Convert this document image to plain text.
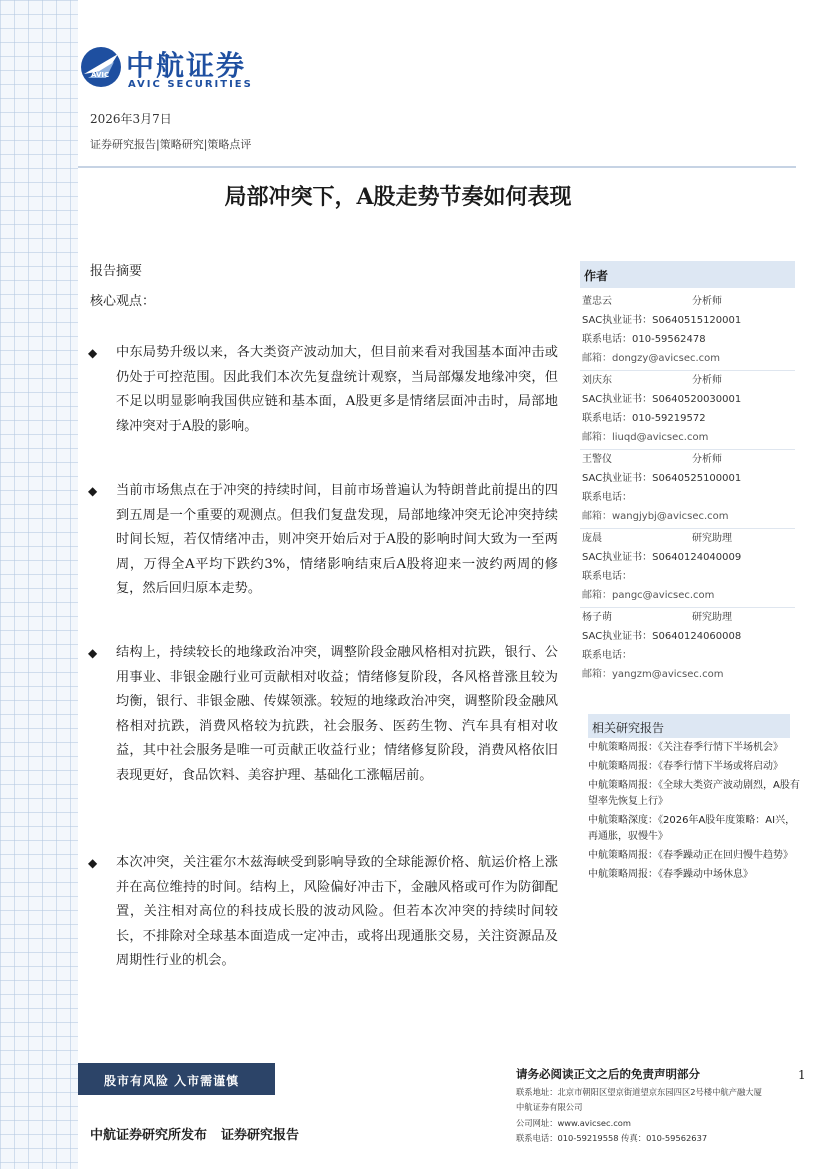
AVIC 中航证券
AVIC SECURITIES
2026年3月7日
证券研究报告|策略研究|策略点评
局部冲突下，A股走势节奏如何表现
报告摘要
核心观点：
◆ 中东局势升级以来，各大类资产波动加大，但目前来看对我国基本面冲击或仍处于可控范围。因此我们本次先复盘统计观察，当局部爆发地缘冲突，但不足以明显影响我国供应链和基本面，A股更多是情绪层面冲击时，局部地缘冲突对于A股的影响。
◆ 当前市场焦点在于冲突的持续时间，目前市场普遍认为特朗普此前提出的四到五周是一个重要的观测点。但我们复盘发现，局部地缘冲突无论冲突持续时间长短，若仅情绪冲击，则冲突开始后对于A股的影响时间大致为一至两周，万得全A平均下跌约3%，情绪影响结束后A股将迎来一波约两周的修复，然后回归原本走势。
◆ 结构上，持续较长的地缘政治冲突，调整阶段金融风格相对抗跌，银行、公用事业、非银金融行业可贡献相对收益；情绪修复阶段，各风格普涨且较为均衡，银行、非银金融、传媒领涨。较短的地缘政治冲突，调整阶段金融风格相对抗跌，消费风格较为抗跌，社会服务、医药生物、汽车具有相对收益，其中社会服务是唯一可贡献正收益行业；情绪修复阶段，消费风格依旧表现更好，食品饮料、美容护理、基础化工涨幅居前。
◆ 本次冲突，关注霍尔木兹海峡受到影响导致的全球能源价格、航运价格上涨并在高位维持的时间。结构上，风险偏好冲击下，金融风格或可作为防御配置，关注相对高位的科技成长股的波动风险。但若本次冲突的持续时间较长，不排除对全球基本面造成一定冲击，或将出现通胀交易，关注资源品及周期性行业的机会。
作者
董忠云	分析师
SAC执业证书：S0640515120001
联系电话：010-59562478
邮箱：dongzy@avicsec.com
刘庆东	分析师
SAC执业证书：S0640520030001
联系电话：010-59219572
邮箱：liuqd@avicsec.com
王警仪	分析师
SAC执业证书：S0640525100001
联系电话：
邮箱：wangjybj@avicsec.com
庞晨	研究助理
SAC执业证书：S0640124040009
联系电话：
邮箱：pangc@avicsec.com
杨子萌	研究助理
SAC执业证书：S0640124060008
联系电话：
邮箱：yangzm@avicsec.com
相关研究报告
中航策略周报：《关注春季行情下半场机会》
中航策略周报：《春季行情下半场或将启动》
中航策略周报：《全球大类资产波动剧烈，A股有望率先恢复上行》
中航策略深度：《2026年A股年度策略：AI兴，再通胀，驭慢牛》
中航策略周报：《春季躁动正在回归慢牛趋势》
中航策略周报：《春季躁动中场休息》
股市有风险 入市需谨慎	请务必阅读正文之后的免责声明部分
联系地址：北京市朝阳区望京街道望京东园四区2号楼中航产融大厦
中航证券有限公司
公司网址：www.avicsec.com
联系电话：010-59219558 传真：010-59562637
1
中航证券研究所发布 证券研究报告
